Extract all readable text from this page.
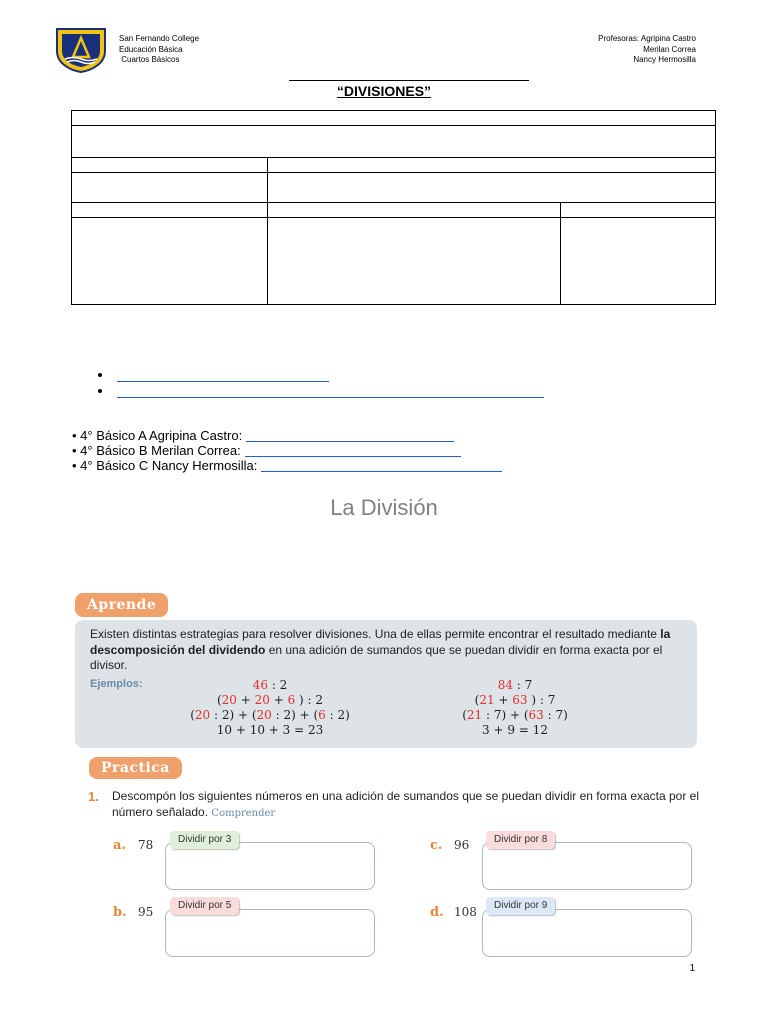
San Fernando College
Educación Básica
Cuartos Básicos
Profesoras: Agripina Castro
Merilan Correa
Nancy Hermosilla
“DIVISIONES”
• 4° Básico A Agripina Castro:
• 4° Básico B Merilan Correa:
• 4° Básico C Nancy Hermosilla:
La División
Aprende
Existen distintas estrategias para resolver divisiones. Una de ellas permite encontrar el resultado mediante la descomposición del dividendo en una adición de sumandos que se puedan dividir en forma exacta por el divisor.
Ejemplos:	46 : 2
(20 + 20 + 6 ) : 2
(20 : 2) + (20 : 2) + (6 : 2)
10 + 10 + 3 = 23
84 : 7
(21 + 63 ) : 7
(21 : 7) + (63 : 7)
3 + 9 = 12
Practica
1. Descompón los siguientes números en una adición de sumandos que se puedan dividir en forma exacta por el número señalado. Comprender
a. 78	Dividir por 3
b. 95	Dividir por 5
c. 96	Dividir por 8
d. 108	Dividir por 9
1
